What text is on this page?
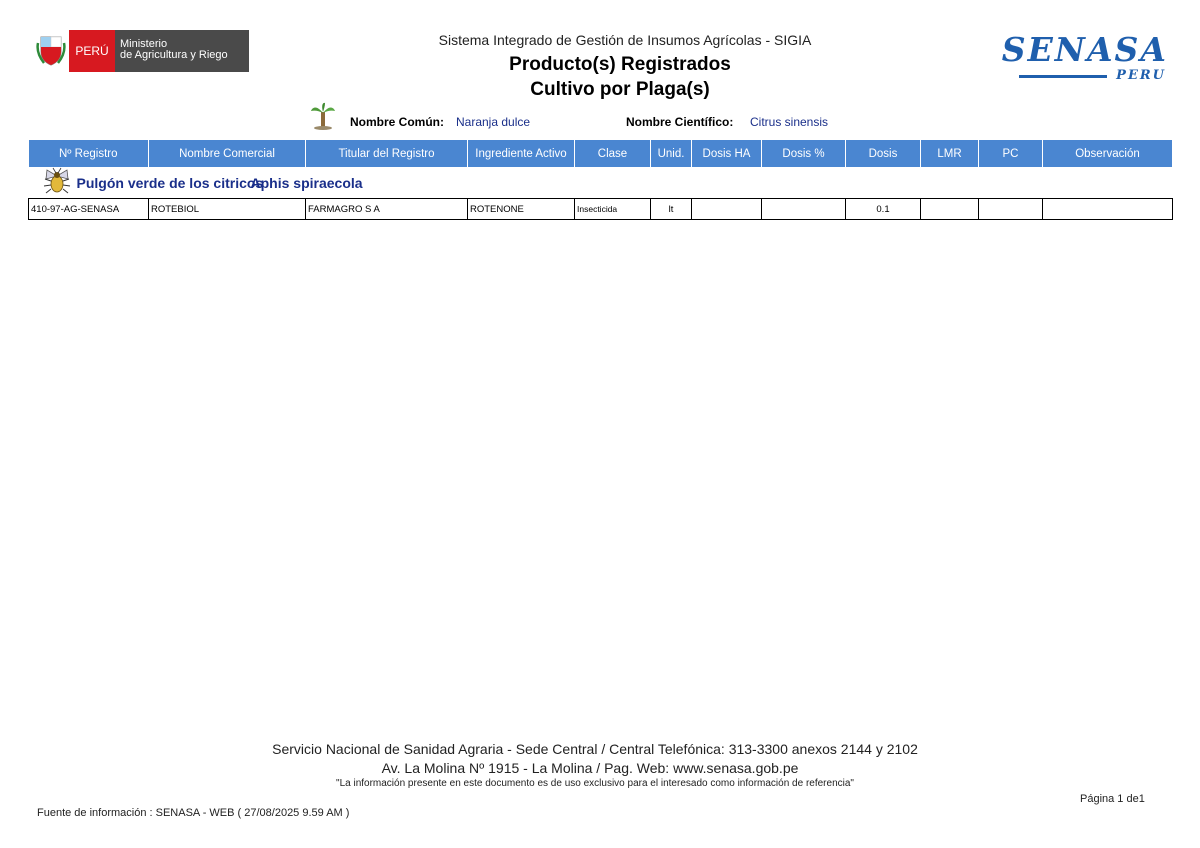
PERÚ	Ministerio
de Agricultura y Riego	SENASA
PERU
Sistema Integrado de Gestión de Insumos Agrícolas - SIGIA
Producto(s) Registrados
Cultivo por Plaga(s)
Nombre Común: Naranja dulce	Nombre Científico: Citrus sinensis
Nº Registro	Nombre Comercial	Titular del Registro	Ingrediente Activo	Clase	Unid.	Dosis HA	Dosis %	Dosis	LMR	PC	Observación

Pulgón verde de los citricos
Aphis spiraecola											

410-97-AG-SENASA	ROTEBIOL	FARMAGRO S A	ROTENONE	Insecticida	lt			0.1			
Servicio Nacional de Sanidad Agraria - Sede Central / Central Telefónica: 313-3300 anexos 2144 y 2102
Av. La Molina Nº 1915 - La Molina / Pag. Web: www.senasa.gob.pe
"La información presente en este documento es de uso exclusivo para el interesado como información de referencia"
Página 1 de1
Fuente de información : SENASA - WEB ( 27/08/2025 9.59 AM )
